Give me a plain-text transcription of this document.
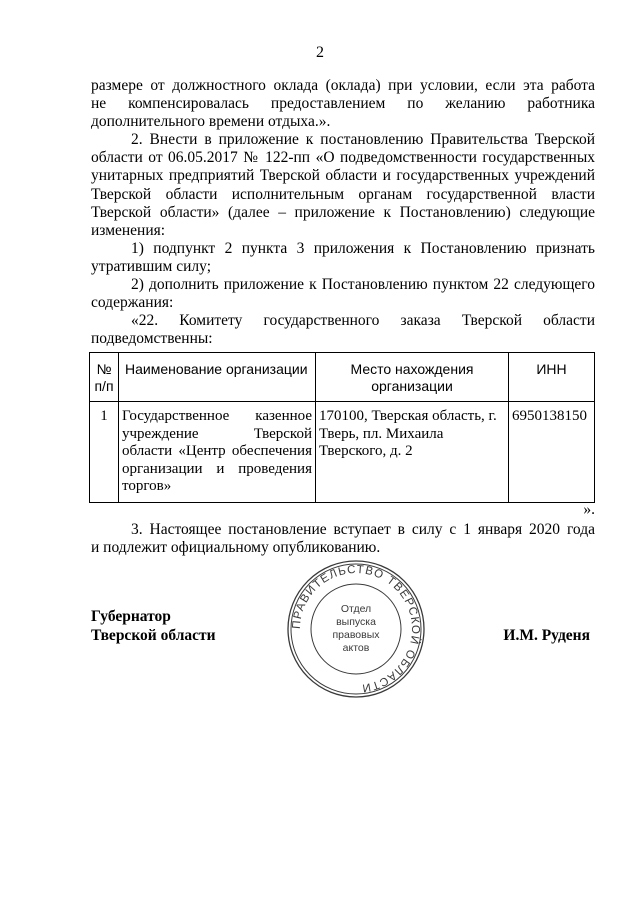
2

размере от должностного оклада (оклада) при условии, если эта работа
не компенсировалась предоставлением по желанию работника
дополнительного времени отдыха.».

2. Внести в приложение к постановлению Правительства Тверской
области от 06.05.2017 № 122-пп «О подведомственности государственных
унитарных предприятий Тверской области и государственных учреждений
Тверской области исполнительным органам государственной власти
Тверской области» (далее – приложение к Постановлению) следующие
изменения:

1) подпункт 2 пункта 3 приложения к Постановлению признать
утратившим силу;

2) дополнить приложение к Постановлению пунктом 22 следующего
содержания:

«22. Комитету государственного заказа Тверской области
подведомственны:

№ п/п	Наименование организации	Место нахождения организации	ИНН
1	Государственное казенное учреждение Тверской области «Центр обеспечения организации и проведения торгов»	170100, Тверская область, г. Тверь, пл. Михаила Тверского, д. 2	6950138150
».

3. Настоящее постановление вступает в силу с 1 января 2020 года
и подлежит официальному опубликованию.

Губернатор
Тверской области	И.М. Руденя
ПРАВИТЕЛЬСТВО ТВЕРСКОЙ ОБЛАСТИ
Отдел
выпуска
правовых
актов
